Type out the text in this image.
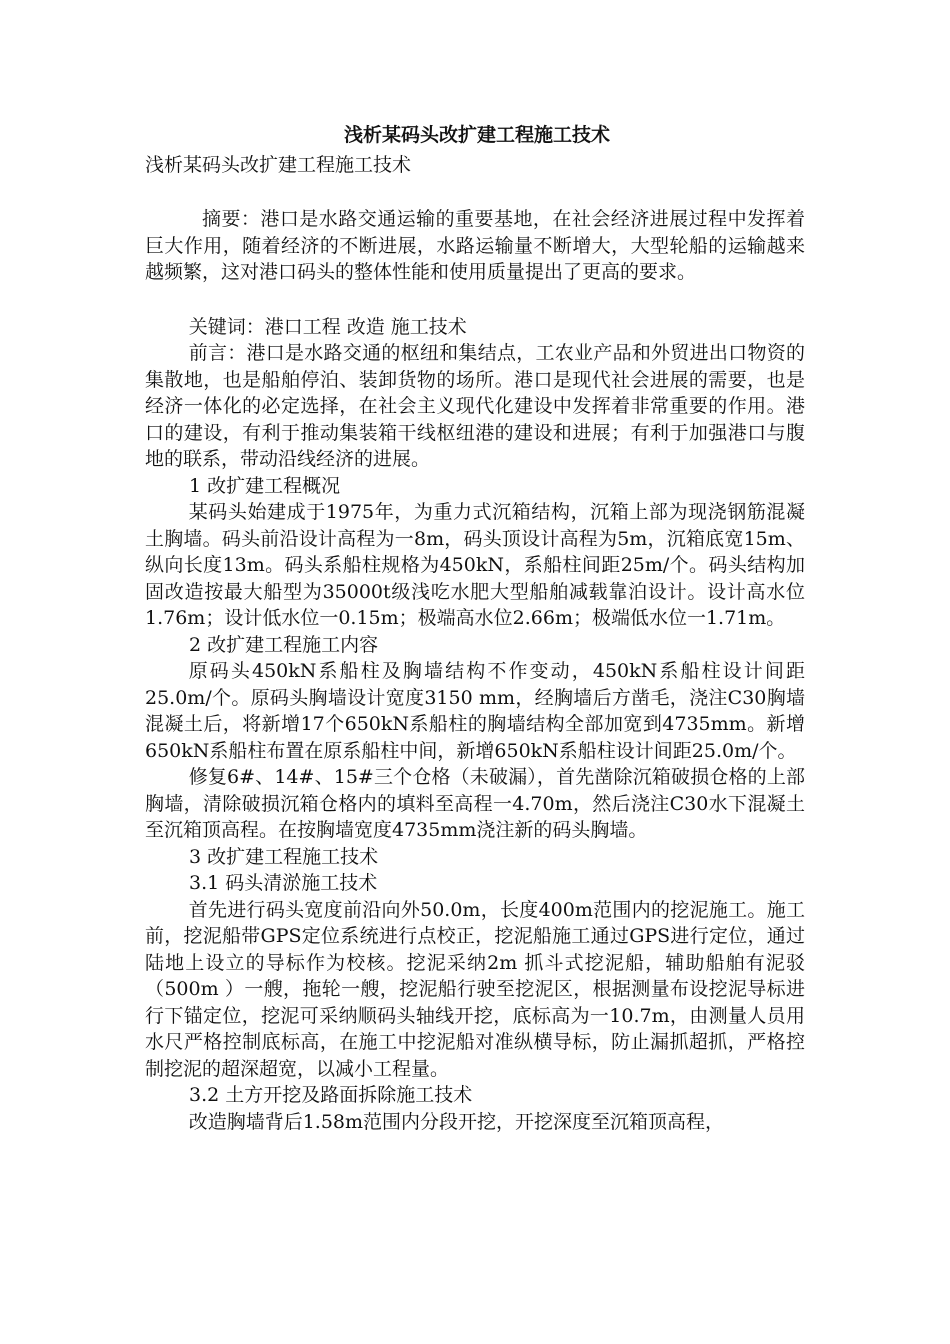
浅析某码头改扩建工程施工技术

浅析某码头改扩建工程施工技术

摘要：港口是水路交通运输的重要基地，在社会经济进展过程中发挥着巨大作用，随着经济的不断进展，水路运输量不断增大，大型轮船的运输越来越频繁，这对港口码头的整体性能和使用质量提出了更高的要求。

关键词：港口工程 改造 施工技术

前言：港口是水路交通的枢纽和集结点，工农业产品和外贸进出口物资的集散地，也是船舶停泊、装卸货物的场所。港口是现代社会进展的需要，也是经济一体化的必定选择，在社会主义现代化建设中发挥着非常重要的作用。港口的建设，有利于推动集装箱干线枢纽港的建设和进展；有利于加强港口与腹地的联系，带动沿线经济的进展。

1 改扩建工程概况

某码头始建成于1975年，为重力式沉箱结构，沉箱上部为现浇钢筋混凝土胸墙。码头前沿设计高程为一8m，码头顶设计高程为5m，沉箱底宽15m、纵向长度13m。码头系船柱规格为450kN，系船柱间距25m/个。码头结构加固改造按最大船型为35000t级浅吃水肥大型船舶减载靠泊设计。设计高水位1.76m；设计低水位一0.15m；极端高水位2.66m；极端低水位一1.71m。

2 改扩建工程施工内容

原码头450kN系船柱及胸墙结构不作变动，450kN系船柱设计间距25.0m/个。原码头胸墙设计宽度3150 mm，经胸墙后方凿毛，浇注C30胸墙混凝土后，将新增17个650kN系船柱的胸墙结构全部加宽到4735mm。新增650kN系船柱布置在原系船柱中间，新增650kN系船柱设计间距25.0m/个。

修复6#、14#、15#三个仓格（未破漏），首先凿除沉箱破损仓格的上部胸墙，清除破损沉箱仓格内的填料至高程一4.70m，然后浇注C30水下混凝土至沉箱顶高程。在按胸墙宽度4735mm浇注新的码头胸墙。

3 改扩建工程施工技术

3.1 码头清淤施工技术

首先进行码头宽度前沿向外50.0m，长度400m范围内的挖泥施工。施工前，挖泥船带GPS定位系统进行点校正，挖泥船施工通过GPS进行定位，通过陆地上设立的导标作为校核。挖泥采纳2m 抓斗式挖泥船，辅助船舶有泥驳（500m ）一艘，拖轮一艘，挖泥船行驶至挖泥区，根据测量布设挖泥导标进行下锚定位，挖泥可采纳顺码头轴线开挖，底标高为一10.7m，由测量人员用水尺严格控制底标高，在施工中挖泥船对准纵横导标，防止漏抓超抓，严格控制挖泥的超深超宽，以减小工程量。

3.2 土方开挖及路面拆除施工技术

改造胸墙背后1.58m范围内分段开挖，开挖深度至沉箱顶高程，
